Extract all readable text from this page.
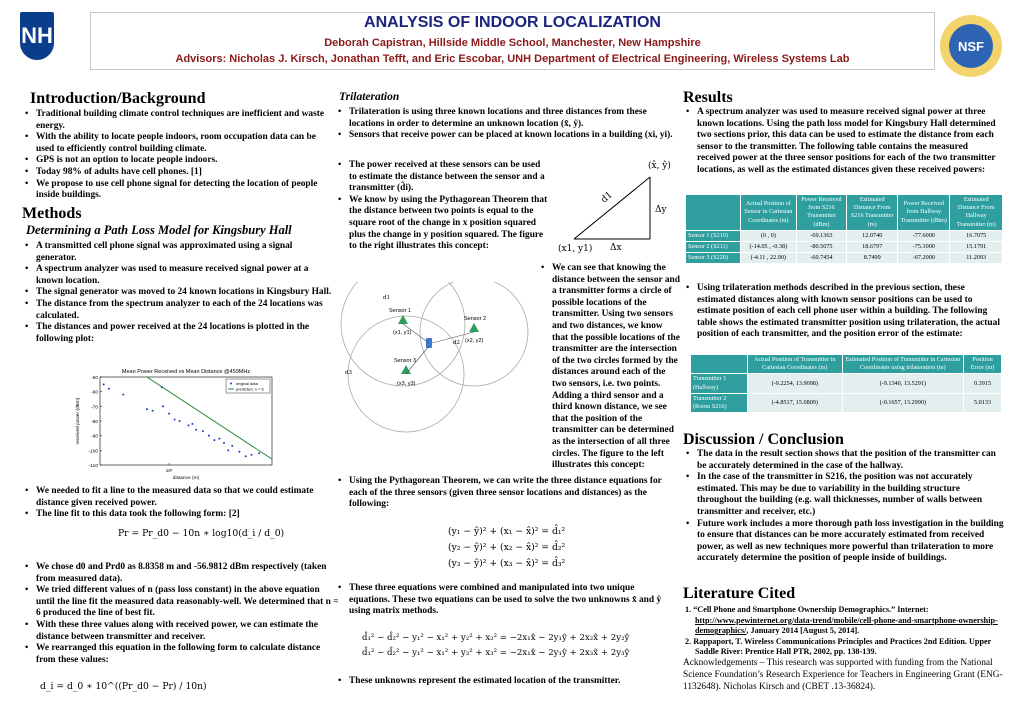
NH	NSF
ANALYSIS OF INDOOR LOCALIZATION
Deborah Capistran, Hillside Middle School, Manchester, New Hampshire
Advisors: Nicholas J. Kirsch, Jonathan Tefft, and Eric Escobar, UNH Department of Electrical Engineering, Wireless Systems Lab
Introduction/Background
• Traditional building climate control techniques are inefficient and waste energy.
• With the ability to locate people indoors, room occupation data can be used to efficiently control building climate.
• GPS is not an option to locate people indoors.
• Today 98% of adults have cell phones. [1]
• We propose to use cell phone signal for detecting the location of people inside buildings.
Methods
Determining a Path Loss Model for Kingsbury Hall
• A transmitted cell phone signal was approximated using a signal generator.
• A spectrum analyzer was used to measure received signal power at a known location.
• The signal generator was moved to 24 known locations in Kingsbury Hall.
• The distance from the spectrum analyzer to each of the 24 locations was calculated.
• The distances and power received at the 24 locations is plotted in the following plot:
Mean Power Received vs Mean Distance @459MHz
-50
-60
-70
-80
-90
-100
-110
10¹
distance (m)
received power (dBm)
original data
predicted, n = 6
• We needed to fit a line to the measured data so that we could estimate distance given received power.
• The line fit to this data took the following form: [2]
Pr = Pr_d0 − 10n ∗ log10(d_i / d_0)
• We chose d0 and Prd0 as 8.8358 m and -56.9812 dBm respectively (taken from measured data).
• We tried different values of n (pass loss constant) in the above equation until the line fit the measured data reasonably-well. We determined that n = 6 produced the line of best fit.
• With these three values along with received power, we can estimate the distance between transmitter and receiver.
• We rearranged this equation in the following form to calculate distance from these values:
d_i = d_0 ∗ 10^((Pr_d0 − Pr) / 10n)
Trilateration
• Trilateration is using three known locations and three distances from these locations in order to determine an unknown location (x̂, ŷ).
• Sensors that receive power can be placed at known locations in a building (xi, yi).
• The power received at these sensors can be used to estimate the distance between the sensor and a transmitter (d̂i).
• We know by using the Pythagorean Theorem that the distance between two points is equal to the square root of the change in x position squared plus the change in y position squared. The figure to the right illustrates this concept:
(x̂, ŷ)
(x1, y1)
d1
Δx
Δy
Sensor 1
(x1, y1)
Sensor 2
(x2, y2)
Sensor 3
(x3, y3)
d1
d2
d3
• We can see that knowing the distance between the sensor and a transmitter forms a circle of possible locations of the transmitter. Using two sensors and two distances, we know that the possible locations of the transmitter are the intersection of the two circles formed by the distances around each of the two sensors, i.e. two points. Adding a third sensor and a third known distance, we see that the position of the transmitter can be determined as the intersection of all three circles. The figure to the left illustrates this concept:
• Using the Pythagorean Theorem, we can write the three distance equations for each of the three sensors (given three sensor locations and distances) as the following:
(y₁ − ŷ)² + (x₁ − x̂)² = d̂₁²
(y₂ − ŷ)² + (x₂ − x̂)² = d̂₂²
(y₃ − ŷ)² + (x₃ − x̂)² = d̂₃²
• These three equations were combined and manipulated into two unique equations. These two equations can be used to solve the two unknowns x̂ and ŷ using matrix methods.
d̂₁² − d̂₂² − y₁² − x₁² + y₂² + x₂² = −2x₁x̂ − 2y₁ŷ + 2x₂x̂ + 2y₂ŷ
d̂₁² − d̂₂² − y₁² − x₁² + y₃² + x₃² = −2x₁x̂ − 2y₁ŷ + 2x₃x̂ + 2y₃ŷ
• These unknowns represent the estimated location of the transmitter.
Results
• A spectrum analyzer was used to measure received signal power at three known locations. Using the path loss model for Kingsbury Hall determined two sections prior, this data can be used to estimate the distance from each sensor to the transmitter. The following table contains the measured received power at the three sensor positions for each of the two transmitter locations, as well as the estimated distances given these received powers:
	Actual Position of Sensor in Cartesian Coordinates (m)	Power Received from S216 Transmitter (dBm)	Estimated Distance From S216 Transmitter (m)	Power Received from Hallway Transmitter (dBm)	Estimated Distance From Hallway Transmitter (m)
Sensor 1 (S210)	(0 , 0)	-69.1363	12.0740	-77.6000	16.7075
Sensor 2 (S211)	(-14.05 , -0.38)	-80.5075	18.6797	-75.1000	15.1791
Sensor 3 (S220)	(-4.11 , 22.90)	-60.7454	8.7499	-67.2000	11.2093
• Using trilateration methods described in the previous section, these estimated distances along with known sensor positions can be used to estimate position of each cell phone user within a building. The following table shows the estimated transmitter position using trilateration, the actual position of each transmitter, and the position error of the estimate:
	Actual Position of Transmitter in Cartesian Coordinates (m)	Estimated Position of Transmitter in Cartesian Coordinates using trilateration (m)	Position Error (m)
Transmitter 1 (Hallway)	(-9.2254, 13.9098)	(-9.1340, 13.5291)	0.3915
Transmitter 2 (Room S216)	(-4.8517, 15.0809)	(-0.1657, 13.2990)	5.0133
Discussion / Conclusion
• The data in the result section shows that the position of the transmitter can be accurately determined in the case of the hallway.
• In the case of the transmitter in S216, the position was not accurately estimated. This may be due to variability in the building structure throughout the building (e.g. wall thicknesses, number of walls between transmitter and receiver, etc.)
• Future work includes a more thorough path loss investigation in the building to ensure that distances can be more accurately estimated from received power, as well as new techniques more powerful than trilateration to more accurately determine the position of people inside of buildings.
Literature Cited
1. “Cell Phone and Smartphone Ownership Demographics.” Internet: http://www.pewinternet.org/data-trend/mobile/cell-phone-and-smartphone-ownership-demographics/, January 2014 [August 5, 2014].
2. Rappaport, T. Wireless Communications Principles and Practices 2nd Edition. Upper Saddle River: Prentice Hall PTR, 2002, pp. 138-139.
Acknowledgements – This research was supported with funding from the National Science Foundation’s Research Experience for Teachers in Engineering Grant (ENG-1132648). Nicholas Kirsch and (CBET .13-36824).
